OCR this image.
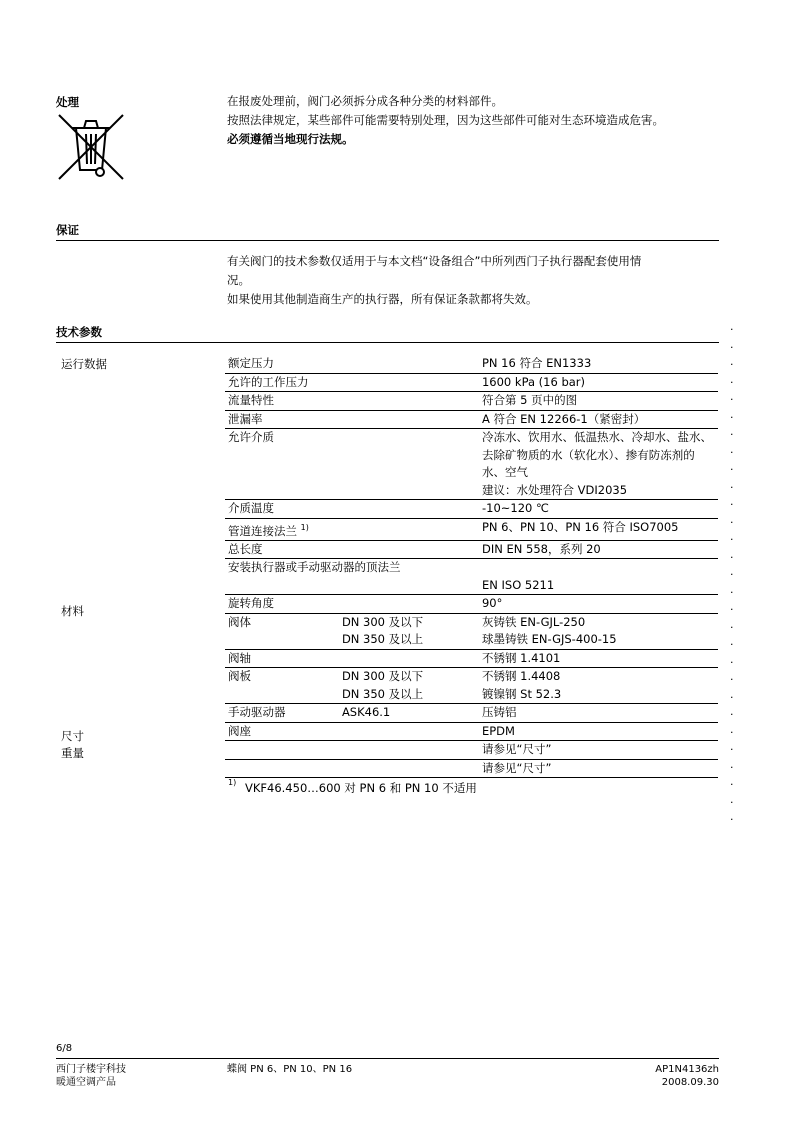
处理	在报废处理前，阀门必须拆分成各种分类的材料部件。
按照法律规定，某些部件可能需要特别处理，因为这些部件可能对生态环境造成危害。
必须遵循当地现行法规。
保证
有关阀门的技术参数仅适用于与本文档“设备组合”中所列西门子执行器配套使用情
况。
如果使用其他制造商生产的执行器，所有保证条款都将失效。
技术参数
运行数据
材料
尺寸
重量
额定压力		PN 16 符合 EN1333
允许的工作压力		1600 kPa (16 bar)
流量特性		符合第 5 页中的图
泄漏率		A 符合 EN 12266-1（紧密封）
允许介质		冷冻水、饮用水、低温热水、冷却水、盐水、去除矿物质的水（软化水）、掺有防冻剂的水、空气
建议：水处理符合 VDI2035

介质温度		-10~120 ℃
管道连接法兰 $^{1)}$		PN 6、PN 10、PN 16 符合 ISO7005
总长度		DIN EN 558，系列 20
安装执行器或手动驱动器的顶法兰		
		EN ISO 5211
旋转角度		90°
阀体	DN 300 及以下	灰铸铁 EN-GJL-250
	DN 350 及以上	球墨铸铁 EN-GJS-400-15
阀轴		不锈钢 1.4101
阀板	DN 300 及以下	不锈钢 1.4408
	DN 350 及以上	镀镍钢 St 52.3
手动驱动器	ASK46.1	压铸铝
阀座		EPDM
		请参见“尺寸”
		请参见“尺寸”
1) VKF46.450…600 对 PN 6 和 PN 10 不适用
.
.
.
.
.
.
.
.
.
.
.
.
.
.
.
.
.
.
.
.
.
.
.
.
.
.
.
.
.
6/8
西门子楼宇科技
暖通空调产品
蝶阀 PN 6、PN 10、PN 16	AP1N4136zh
2008.09.30
